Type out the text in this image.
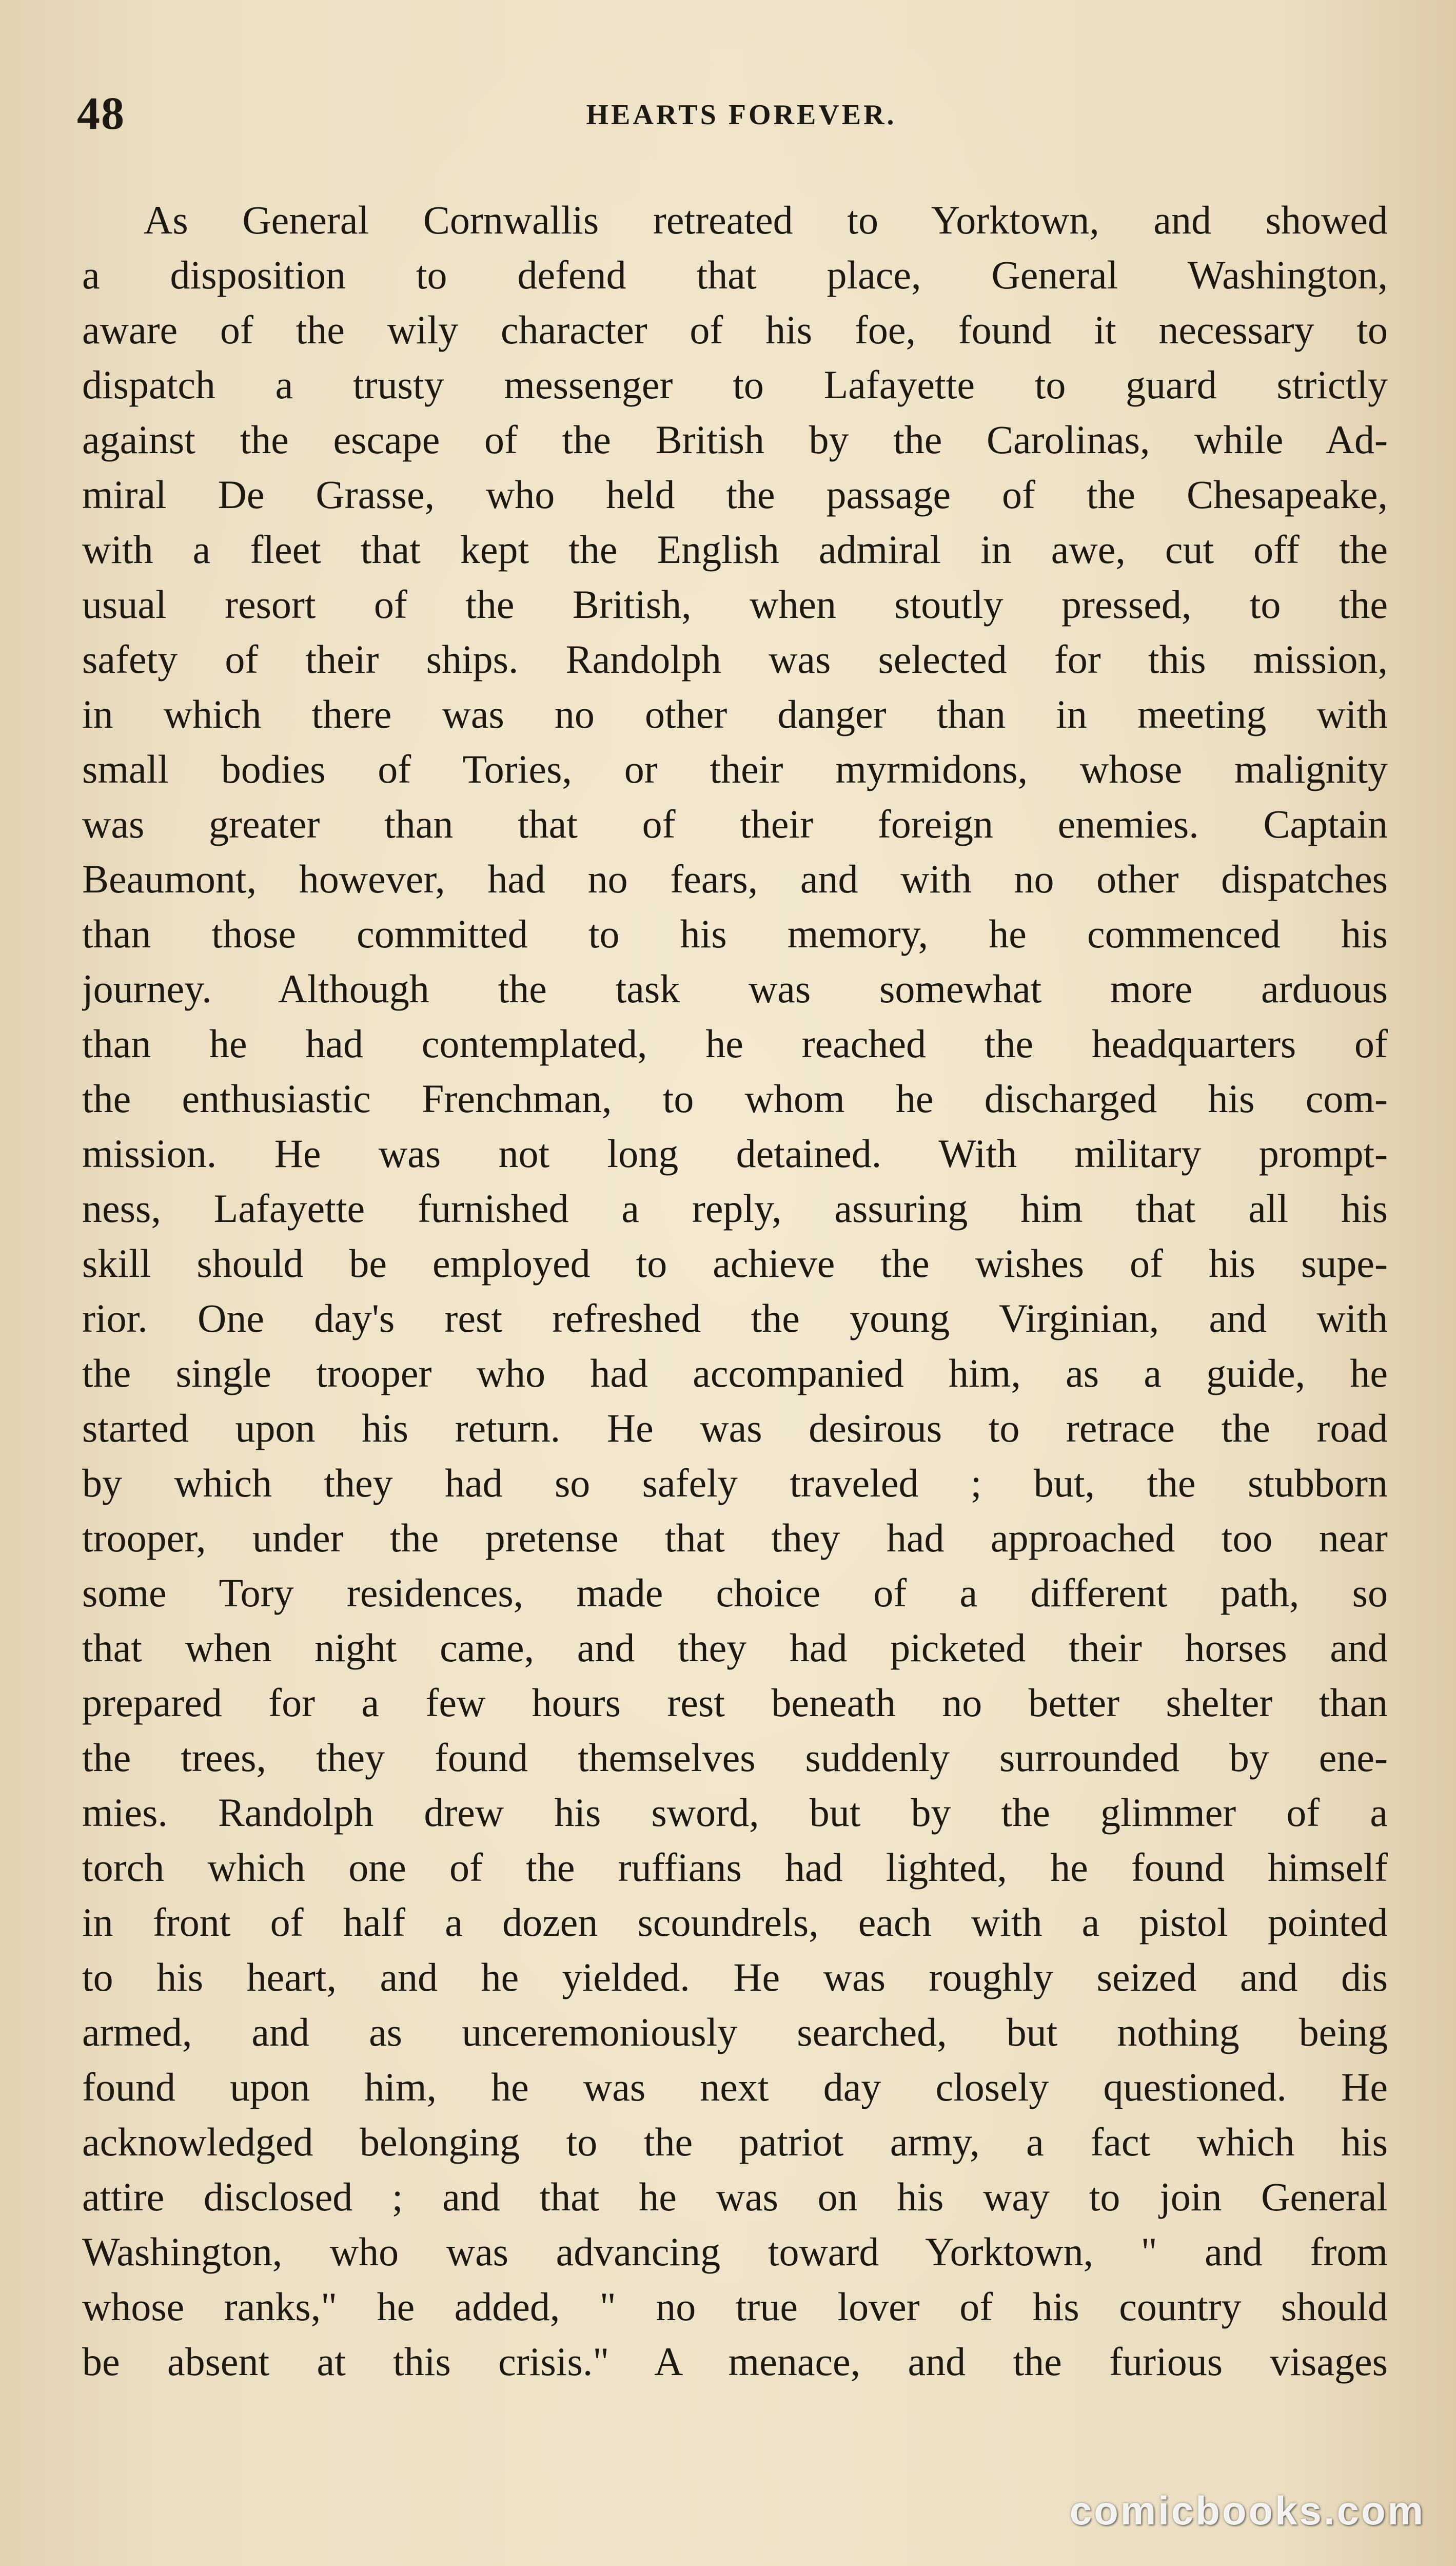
48	HEARTS FOREVER.
As General Cornwallis retreated to Yorktown, and showed
a disposition to defend that place, General Washington,
aware of the wily character of his foe, found it necessary to
dispatch a trusty messenger to Lafayette to guard strictly
against the escape of the British by the Carolinas, while Ad-
miral De Grasse, who held the passage of the Chesapeake,
with a fleet that kept the English admiral in awe, cut off the
usual resort of the British, when stoutly pressed, to the
safety of their ships. Randolph was selected for this mission,
in which there was no other danger than in meeting with
small bodies of Tories, or their myrmidons, whose malignity
was greater than that of their foreign enemies. Captain
Beaumont, however, had no fears, and with no other dispatches
than those committed to his memory, he commenced his
journey. Although the task was somewhat more arduous
than he had contemplated, he reached the headquarters of
the enthusiastic Frenchman, to whom he discharged his com-
mission. He was not long detained. With military prompt-
ness, Lafayette furnished a reply, assuring him that all his
skill should be employed to achieve the wishes of his supe-
rior. One day's rest refreshed the young Virginian, and with
the single trooper who had accompanied him, as a guide, he
started upon his return. He was desirous to retrace the road
by which they had so safely traveled ; but, the stubborn
trooper, under the pretense that they had approached too near
some Tory residences, made choice of a different path, so
that when night came, and they had picketed their horses and
prepared for a few hours rest beneath no better shelter than
the trees, they found themselves suddenly surrounded by ene-
mies. Randolph drew his sword, but by the glimmer of a
torch which one of the ruffians had lighted, he found himself
in front of half a dozen scoundrels, each with a pistol pointed
to his heart, and he yielded. He was roughly seized and dis
armed, and as unceremoniously searched, but nothing being
found upon him, he was next day closely questioned. He
acknowledged belonging to the patriot army, a fact which his
attire disclosed ; and that he was on his way to join General
Washington, who was advancing toward Yorktown, " and from
whose ranks," he added, " no true lover of his country should
be absent at this crisis." A menace, and the furious visages
comicbooks.com
